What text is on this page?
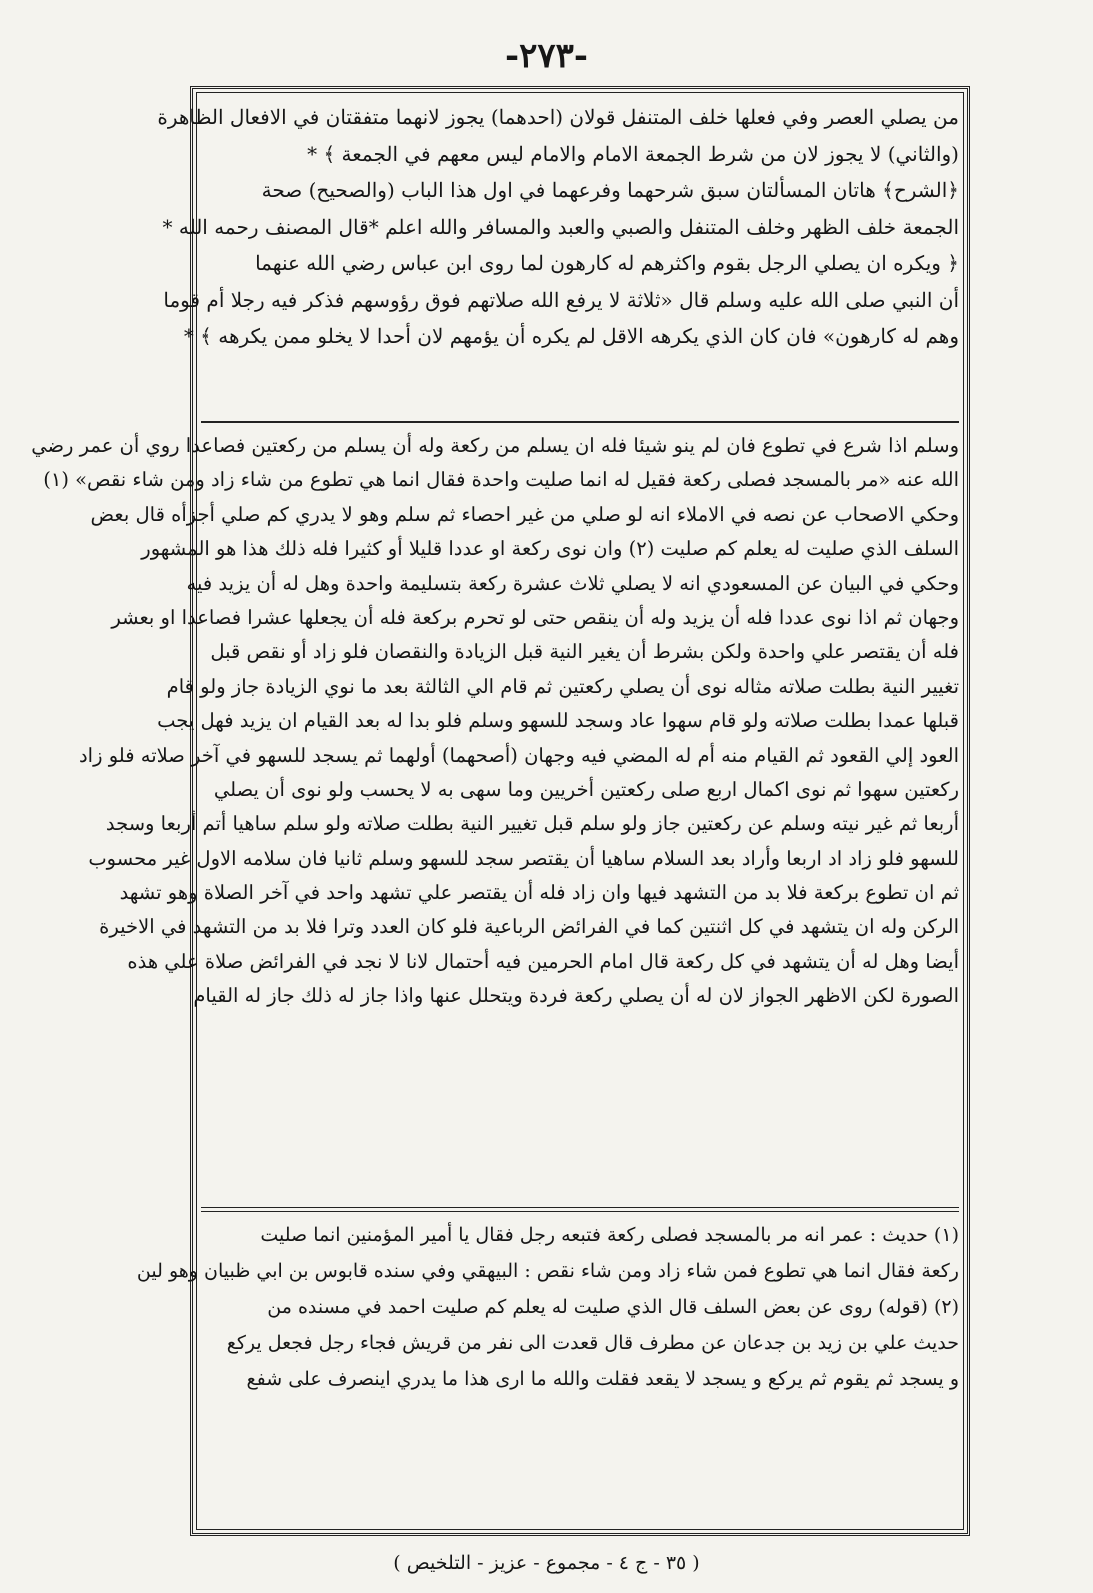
-٢٧٣-
من يصلي العصر وفي فعلها خلف المتنفل قولان (احدهما) يجوز لانهما متفقتان في الافعال الظاهرة
(والثاني) لا يجوز لان من شرط الجمعة الامام والامام ليس معهم في الجمعة ﴾ *
﴿الشرح﴾ هاتان المسألتان سبق شرحهما وفرعهما في اول هذا الباب (والصحيح) صحة
الجمعة خلف الظهر وخلف المتنفل والصبي والعبد والمسافر والله اعلم *قال المصنف رحمه الله *
﴿ ويكره ان يصلي الرجل بقوم واكثرهم له كارهون لما روى ابن عباس رضي الله عنهما
أن النبي صلى الله عليه وسلم قال «ثلاثة لا يرفع الله صلاتهم فوق رؤوسهم فذكر فيه رجلا أم قوما
وهم له كارهون» فان كان الذي يكرهه الاقل لم يكره أن يؤمهم لان أحدا لا يخلو ممن يكرهه ﴾ *
وسلم اذا شرع في تطوع فان لم ينو شيئا فله ان يسلم من ركعة وله أن يسلم من ركعتين فصاعدا روي أن عمر رضي
الله عنه «مر بالمسجد فصلى ركعة فقيل له انما صليت واحدة فقال انما هي تطوع من شاء زاد ومن شاء نقص» (١)
وحكي الاصحاب عن نصه في الاملاء انه لو صلي من غير احصاء ثم سلم وهو لا يدري كم صلي أجزأه قال بعض
السلف الذي صليت له يعلم كم صليت (٢) وان نوى ركعة او عددا قليلا أو كثيرا فله ذلك هذا هو المشهور
وحكي في البيان عن المسعودي انه لا يصلي ثلاث عشرة ركعة بتسليمة واحدة وهل له أن يزيد فيه
وجهان ثم اذا نوى عددا فله أن يزيد وله أن ينقص حتى لو تحرم بركعة فله أن يجعلها عشرا فصاعدا او بعشر
فله أن يقتصر علي واحدة ولكن بشرط أن يغير النية قبل الزيادة والنقصان فلو زاد أو نقص قبل
تغيير النية بطلت صلاته مثاله نوى أن يصلي ركعتين ثم قام الي الثالثة بعد ما نوي الزيادة جاز ولو قام
قبلها عمدا بطلت صلاته ولو قام سهوا عاد وسجد للسهو وسلم فلو بدا له بعد القيام ان يزيد فهل يجب
العود إلي القعود ثم القيام منه أم له المضي فيه وجهان (أصحهما) أولهما ثم يسجد للسهو في آخر صلاته فلو زاد
ركعتين سهوا ثم نوى اكمال اربع صلى ركعتين أخريين وما سهى به لا يحسب ولو نوى أن يصلي
أربعا ثم غير نيته وسلم عن ركعتين جاز ولو سلم قبل تغيير النية بطلت صلاته ولو سلم ساهيا أتم أربعا وسجد
للسهو فلو زاد اد اربعا وأراد بعد السلام ساهيا أن يقتصر سجد للسهو وسلم ثانيا فان سلامه الاول غير محسوب
ثم ان تطوع بركعة فلا بد من التشهد فيها وان زاد فله أن يقتصر علي تشهد واحد في آخر الصلاة وهو تشهد
الركن وله ان يتشهد في كل اثنتين كما في الفرائض الرباعية فلو كان العدد وترا فلا بد من التشهد في الاخيرة
أيضا وهل له أن يتشهد في كل ركعة قال امام الحرمين فيه أحتمال لانا لا نجد في الفرائض صلاة علي هذه
الصورة لكن الاظهر الجواز لان له أن يصلي ركعة فردة ويتحلل عنها واذا جاز له ذلك جاز له القيام
(١) حديث : عمر انه مر بالمسجد فصلى ركعة فتبعه رجل فقال يا أمير المؤمنين انما صليت
ركعة فقال انما هي تطوع فمن شاء زاد ومن شاء نقص : البيهقي وفي سنده قابوس بن ابي ظبيان وهو لين
(٢) (قوله) روى عن بعض السلف قال الذي صليت له يعلم كم صليت احمد في مسنده من
حديث علي بن زيد بن جدعان عن مطرف قال قعدت الى نفر من قريش فجاء رجل فجعل يركع
و يسجد ثم يقوم ثم يركع و يسجد لا يقعد فقلت والله ما ارى هذا ما يدري اينصرف على شفع
( ٣٥ - ج ٤ - مجموع - عزيز - التلخيص )
